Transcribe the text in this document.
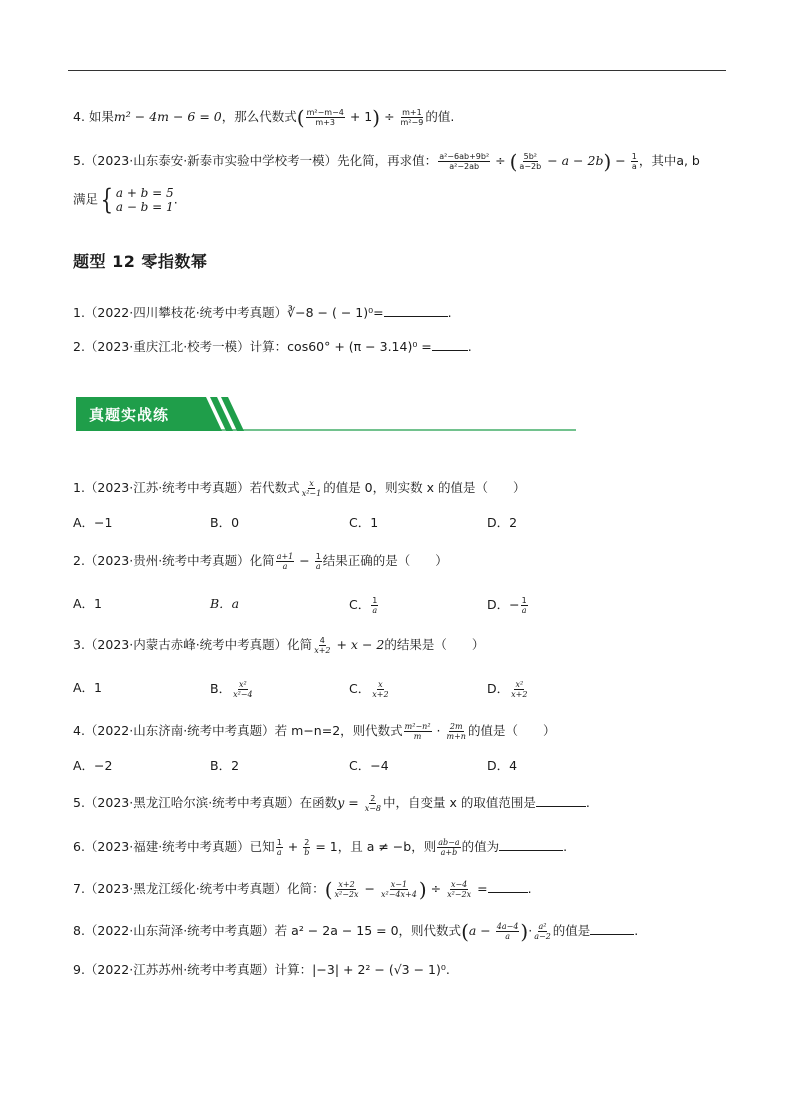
4. 如果m² − 4m − 6 = 0，那么代数式( $\frac{\text{m²−m−4}}{m+3} + 1) \div \frac{m+1}{\text{m²−9}}$ 的值.
5.（2023·山东泰安·新泰市实验中学校考一模）先化简，再求值： $\frac{\text{a²−6ab+9b²}}{\text{a²−2ab}}$ ÷ ( $\frac{\text{5b²}}{a-2b} - a - 2b) - \frac{1}{a}$ ，其中a, b
满足 { a + b = 5
a − b = 1
.
题型 12 零指数幂
1.（2022·四川攀枝花·统考中考真题）∛−8 − ( − 1)⁰=	.
2.（2023·重庆江北·校考一模）计算：cos60° + (π − 3.14)⁰ =	.
真题实战练
1.（2023·江苏·统考中考真题）若代数式 $\frac{x}{\text{x²−1}}$ 的值是 0，则实数 x 的值是（　　）
A．−1	B．0	C．1	D．2
2.（2023·贵州·统考中考真题）化简 $\frac{a+1}{a} - \frac{1}{a}$ 结果正确的是（　　）
A．1	B．a	C． $\frac{1}{a}$	D．− $\frac{1}{a}$
3.（2023·内蒙古赤峰·统考中考真题）化简 $\frac{4}{x+2} + x - 2$的结果是（　　）
A．1	B． $\frac{\text{x²}}{\text{x²−4}}$	C． $\frac{x}{x+2}$	D． $\frac{\text{x²}}{x+2}$
4.（2022·山东济南·统考中考真题）若 m−n=2，则代数式 $\frac{\text{m²−n²}}{m} \cdot \frac{2m}{m+n}$ 的值是（　　）
A．−2	B．2	C．−4	D．4
5.（2023·黑龙江哈尔滨·统考中考真题）在函数$y = \frac{2}{x-8}$ 中，自变量 x 的取值范围是	.
6.（2023·福建·统考中考真题）已知 $\frac{1}{a} + \frac{2}{b} = 1$，且 a ≠ −b，则 $\frac{ab-a}{a+b}$ 的值为	.
7.（2023·黑龙江绥化·统考中考真题）化简：( $\frac{x+2}{\text{x²−2x}} - \frac{x-1}{\text{x²−4x+4}}$ ) ÷ $\frac{x-4}{\text{x²−2x}}$ =	.
8.（2022·山东菏泽·统考中考真题）若 a² − 2a − 15 = 0，则代数式($a - \frac{4a-4}{a}$ )· $\frac{\text{a²}}{a-2}$ 的值是	.
9.（2022·江苏苏州·统考中考真题）计算：|−3| + 2² − (√3 − 1)⁰.
